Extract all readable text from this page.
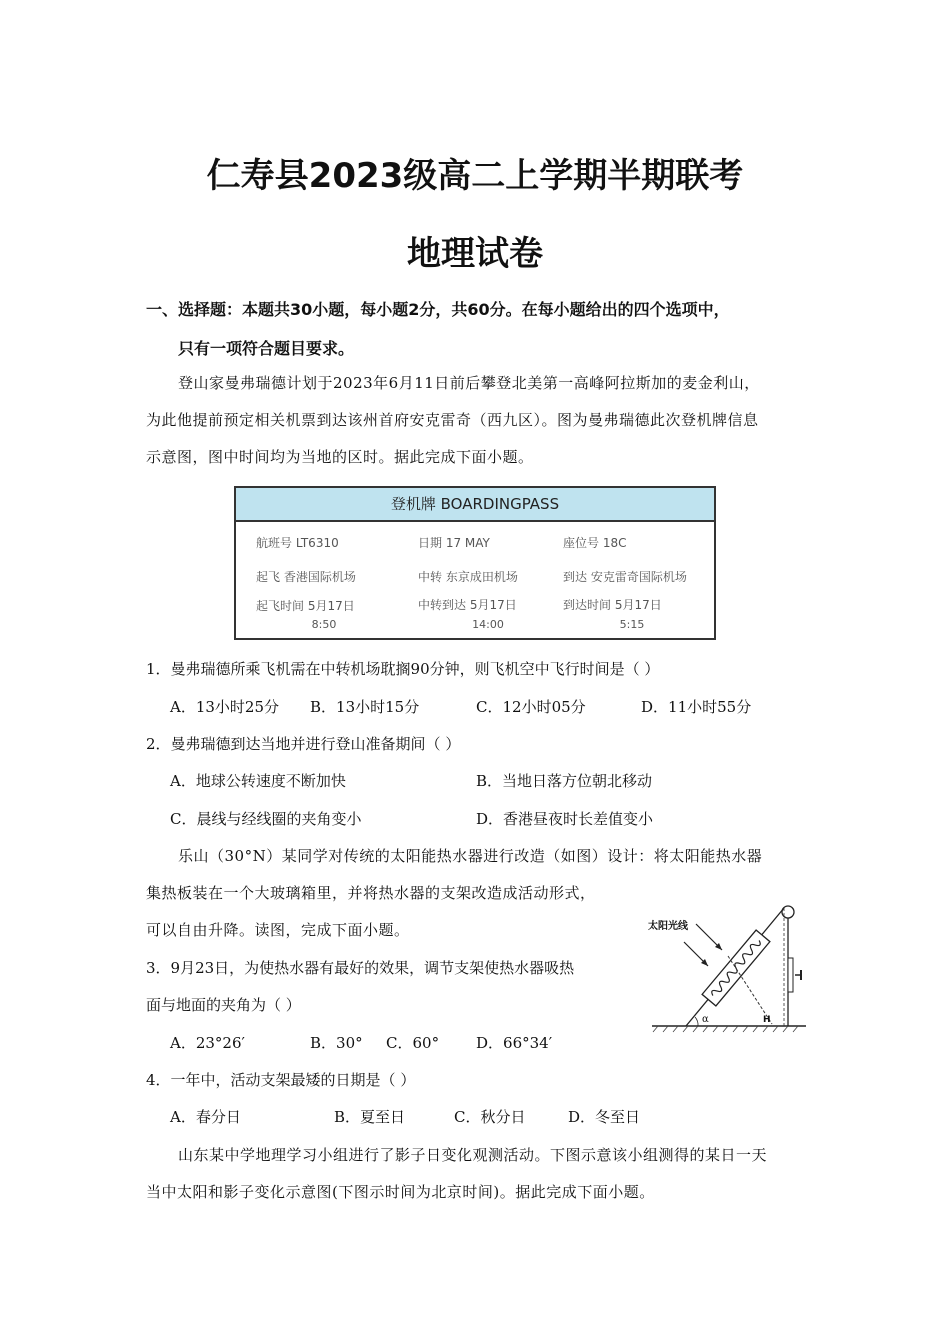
仁寿县2023级高二上学期半期联考
地理试卷
一、选择题：本题共30小题，每小题2分，共60分。在每小题给出的四个选项中，
只有一项符合题目要求。
登山家曼弗瑞德计划于2023年6月11日前后攀登北美第一高峰阿拉斯加的麦金利山，
为此他提前预定相关机票到达该州首府安克雷奇（西九区）。图为曼弗瑞德此次登机牌信息
示意图，图中时间均为当地的区时。据此完成下面小题。
登机牌 BOARDINGPASS
航班号 LT6310	日期 17 MAY	座位号 18C
起飞 香港国际机场	中转 东京成田机场	到达 安克雷奇国际机场
起飞时间 5月17日	中转到达 5月17日	到达时间 5月17日
8:50	14:00	5:15
1．曼弗瑞德所乘飞机需在中转机场耽搁90分钟，则飞机空中飞行时间是（ ）
A．13小时25分 B．13小时15分	C．12小时05分	D．11小时55分
2．曼弗瑞德到达当地并进行登山准备期间（ ）
A．地球公转速度不断加快	B．当地日落方位朝北移动
C．晨线与经线圈的夹角变小	D．香港昼夜时长差值变小
乐山（30°N）某同学对传统的太阳能热水器进行改造（如图）设计：将太阳能热水器
集热板装在一个大玻璃箱里，并将热水器的支架改造成活动形式，
可以自由升降。读图，完成下面小题。	太阳光线
α	H
3．9月23日，为使热水器有最好的效果，调节支架使热水器吸热
面与地面的夹角为（ ）
A．23°26′	B．30° C．60° D．66°34′
4．一年中，活动支架最矮的日期是（ ）
A．春分日	B．夏至日	C．秋分日	D．冬至日
山东某中学地理学习小组进行了影子日变化观测活动。下图示意该小组测得的某日一天
当中太阳和影子变化示意图(下图示时间为北京时间)。据此完成下面小题。
